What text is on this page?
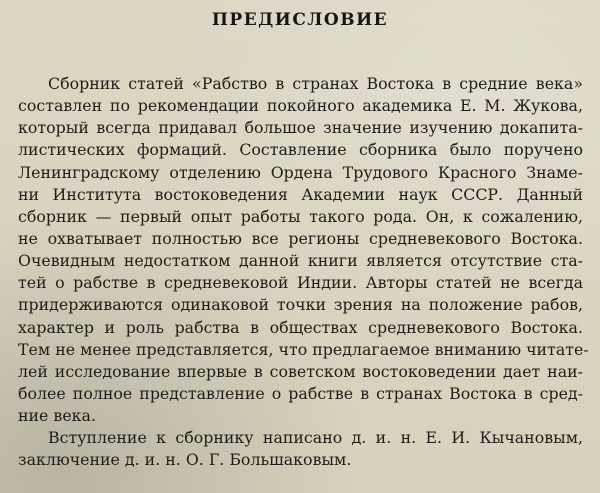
ПРЕДИСЛОВИЕ
Сборник статей «Рабство в странах Востока в средние века»
составлен по рекомендации покойного академика Е. М. Жукова,
который всегда придавал большое значение изучению докапита-
листических формаций. Составление сборника было поручено
Ленинградскому отделению Ордена Трудового Красного Знаме-
ни Института востоковедения Академии наук СССР. Данный
сборник — первый опыт работы такого рода. Он, к сожалению,
не охватывает полностью все регионы средневекового Востока.
Очевидным недостатком данной книги является отсутствие ста-
тей о рабстве в средневековой Индии. Авторы статей не всегда
придерживаются одинаковой точки зрения на положение рабов,
характер и роль рабства в обществах средневекового Востока.
Тем не менее представляется, что предлагаемое вниманию читате-
лей исследование впервые в советском востоковедении дает наи-
более полное представление о рабстве в странах Востока в сред-
ние века.
Вступление к сборнику написано д. и. н. Е. И. Кычановым,
заключение д. и. н. О. Г. Большаковым.
